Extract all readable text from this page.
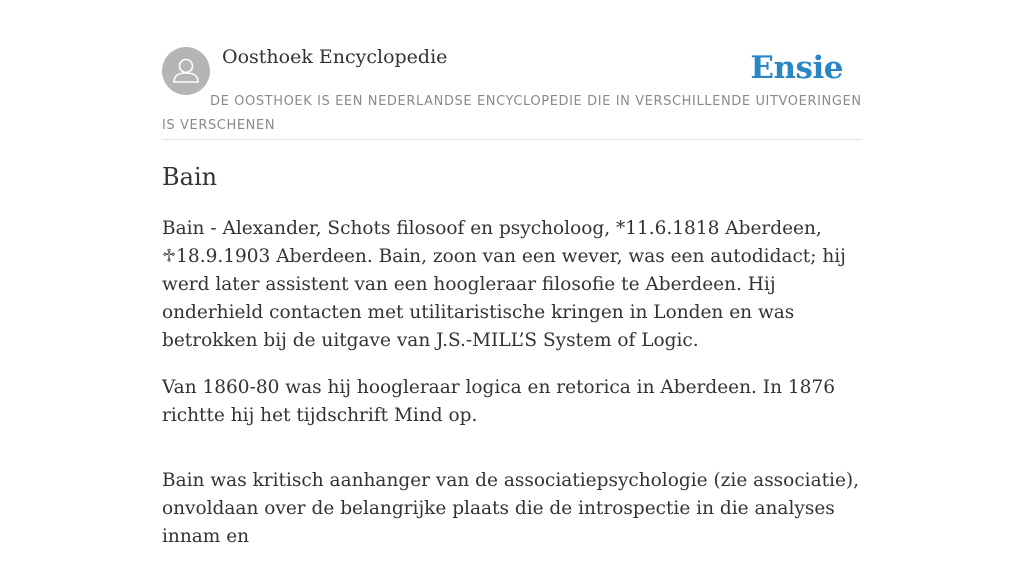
Oosthoek Encyclopedie	Ensie
DE OOSTHOEK IS EEN NEDERLANDSE ENCYCLOPEDIE DIE IN VERSCHILLENDE UITVOERINGEN IS VERSCHENEN
Bain

Bain - Alexander, Schots filosoof en psycholoog, *11.6.1818 Aberdeen, ♱18.9.1903 Aberdeen. Bain, zoon van een wever, was een autodidact; hij werd later assistent van een hoogleraar filosofie te Aberdeen. Hij onderhield contacten met utilitaristische kringen in Londen en was betrokken bij de uitgave van J.S.-MILL’S System of Logic.

Van 1860-80 was hij hoogleraar logica en retorica in Aberdeen. In 1876 richtte hij het tijdschrift Mind op.

Bain was kritisch aanhanger van de associatiepsychologie (zie associatie), onvoldaan over de belangrijke plaats die de introspectie in die analyses innam en
